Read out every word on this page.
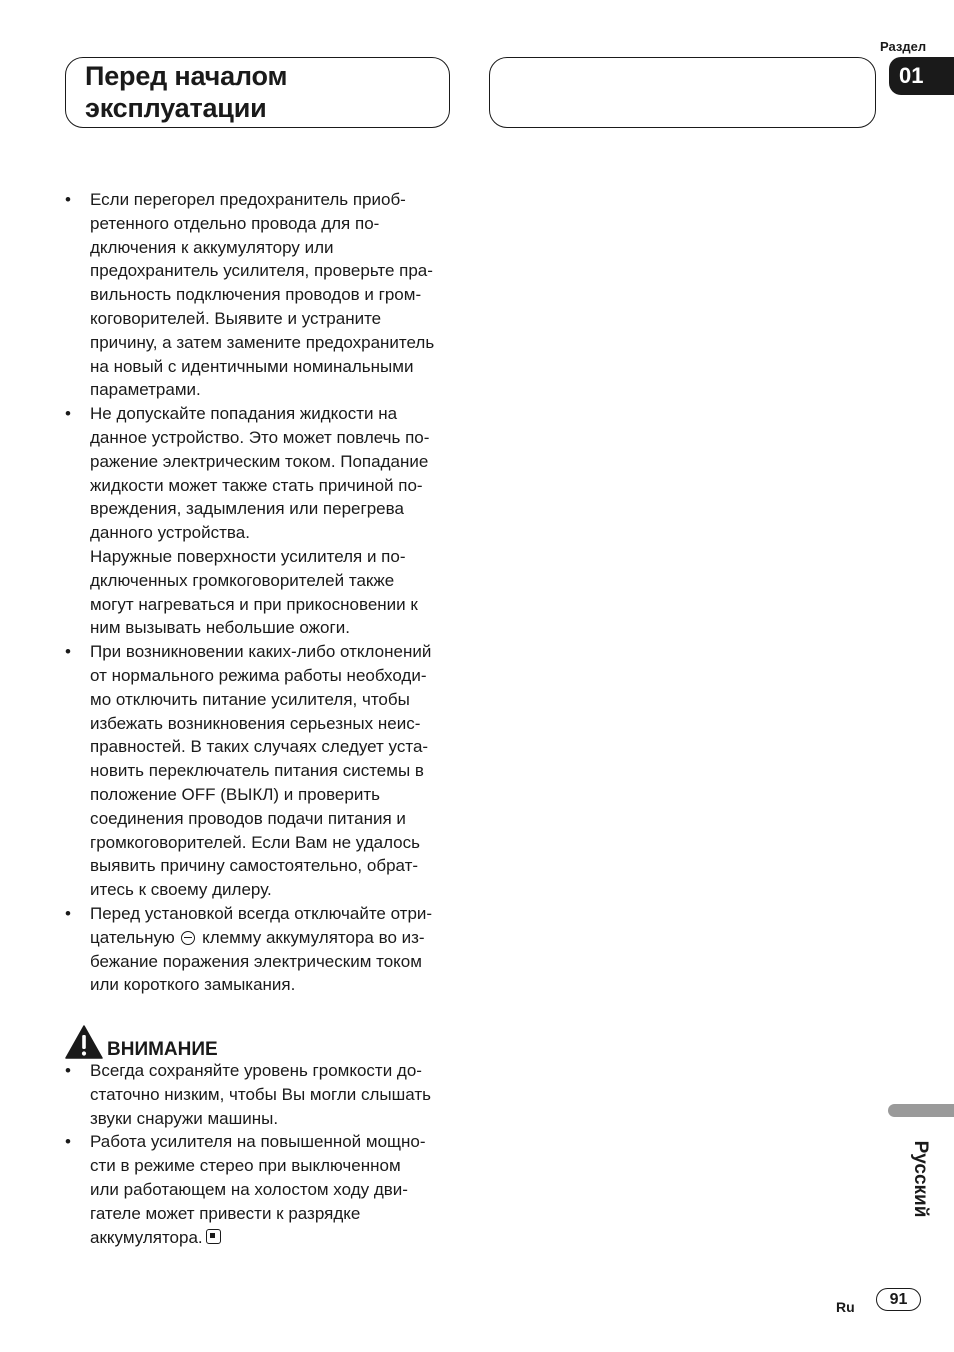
Перед началом
эксплуатации
Раздел
01
• Если перегорел предохранитель приоб-
ретенного отдельно провода для по-
дключения к аккумулятору или
предохранитель усилителя, проверьте пра-
вильность подключения проводов и гром-
коговорителей. Выявите и устраните
причину, а затем замените предохранитель
на новый с идентичными номинальными
параметрами.
• Не допускайте попадания жидкости на
данное устройство. Это может повлечь по-
ражение электрическим током. Попадание
жидкости может также стать причиной по-
вреждения, задымления или перегрева
данного устройства.
Наружные поверхности усилителя и по-
дключенных громкоговорителей также
могут нагреваться и при прикосновении к
ним вызывать небольшие ожоги.
• При возникновении каких-либо отклонений
от нормального режима работы необходи-
мо отключить питание усилителя, чтобы
избежать возникновения серьезных неис-
правностей. В таких случаях следует уста-
новить переключатель питания системы в
положение OFF (ВЫКЛ) и проверить
соединения проводов подачи питания и
громкоговорителей. Если Вам не удалось
выявить причину самостоятельно, обрат-
итесь к своему дилеру.
• Перед установкой всегда отключайте отри-
цательную  клемму аккумулятора во из-
бежание поражения электрическим током
или короткого замыкания.
ВНИМАНИЕ
• Всегда сохраняйте уровень громкости до-
статочно низким, чтобы Вы могли слышать
звуки снаружи машины.
• Работа усилителя на повышенной мощно-
сти в режиме стерео при выключенном
или работающем на холостом ходу дви-
гателе может привести к разрядке
аккумулятора.
Русский
Ru	91
